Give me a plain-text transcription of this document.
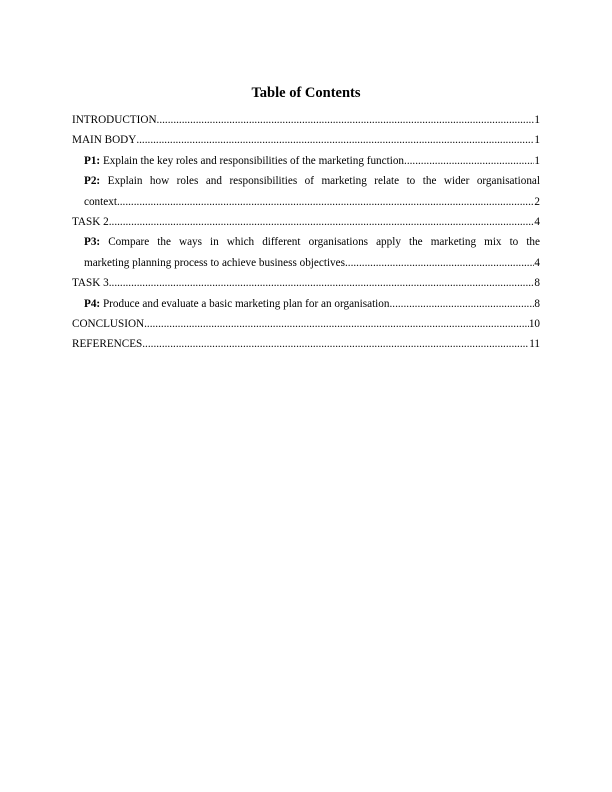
Table of Contents
INTRODUCTION .....	1
MAIN BODY .....	1
P1: Explain the key roles and responsibilities of the marketing function .....	1
P2: Explain how roles and responsibilities of marketing relate to the wider organisational
context .....	2
TASK 2 .....	4
P3: Compare the ways in which different organisations apply the marketing mix to the
marketing planning process to achieve business objectives .....	4
TASK 3 .....	8
P4: Produce and evaluate a basic marketing plan for an organisation .....	8
CONCLUSION .....	10
REFERENCES .....	11
